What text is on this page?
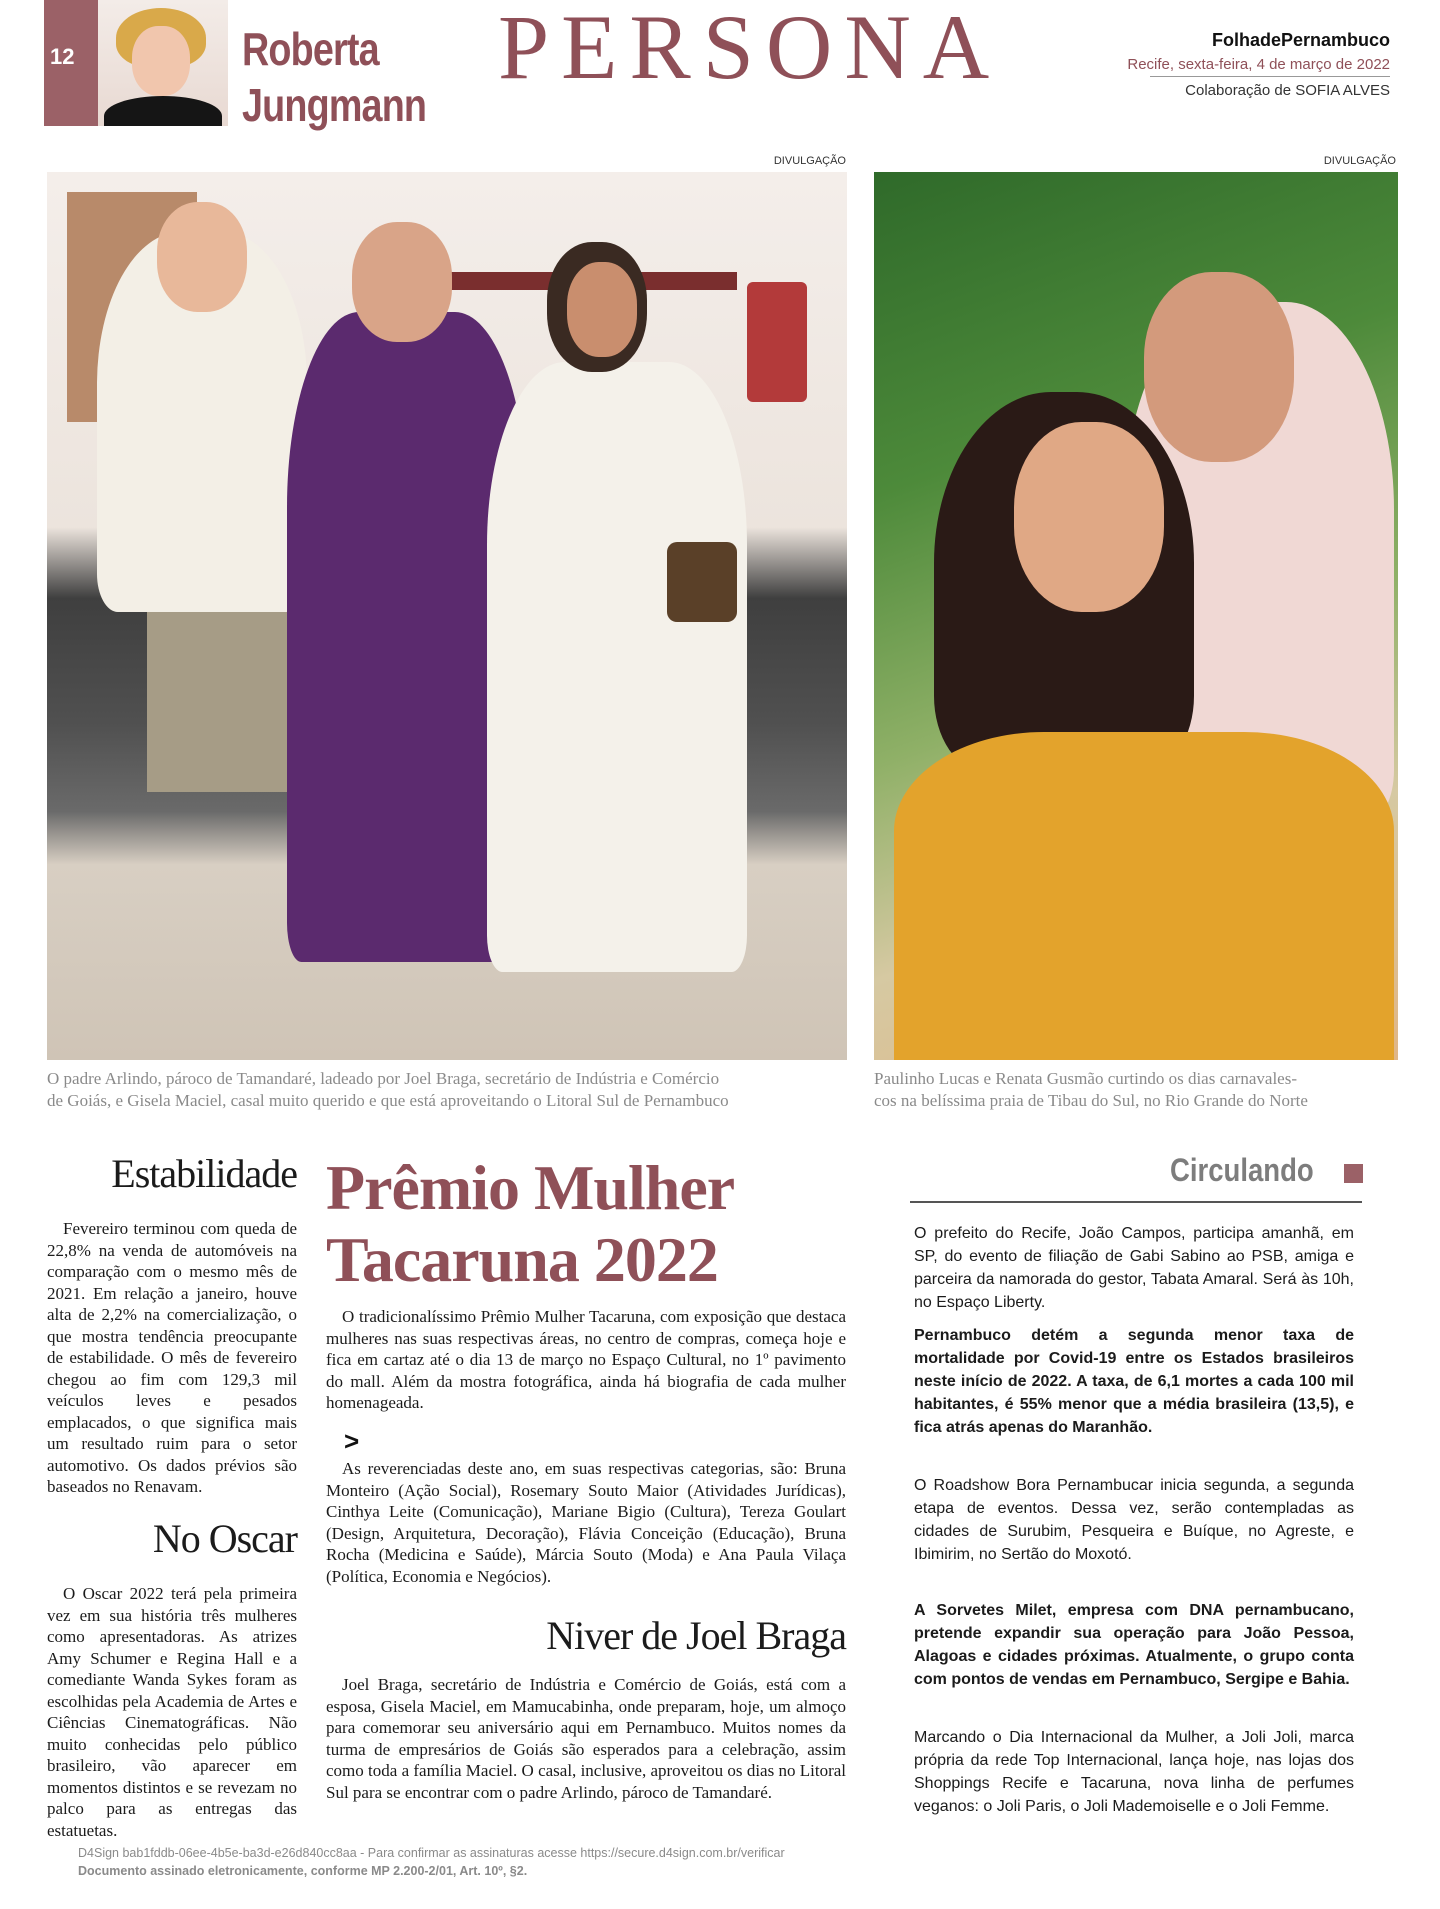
12	Roberta
Jungmann
PERSONA	FolhadePernambuco
Recife, sexta-feira, 4 de março de 2022
Colaboração de SOFIA ALVES
DIVULGAÇÃO	DIVULGAÇÃO
O padre Arlindo, pároco de Tamandaré, ladeado por Joel Braga, secretário de Indústria e Comércio
de Goiás, e Gisela Maciel, casal muito querido e que está aproveitando o Litoral Sul de Pernambuco
Paulinho Lucas e Renata Gusmão curtindo os dias carnavales-
cos na belíssima praia de Tibau do Sul, no Rio Grande do Norte
Estabilidade
Fevereiro terminou com queda de 22,8% na venda de automóveis na comparação com o mesmo mês de 2021. Em relação a janeiro, houve alta de 2,2% na comercialização, o que mostra tendência preocupante de estabilidade. O mês de fevereiro chegou ao fim com 129,3 mil veículos leves e pesados emplacados, o que significa mais um resultado ruim para o setor automotivo. Os dados prévios são baseados no Renavam.
No Oscar
O Oscar 2022 terá pela primeira vez em sua história três mulheres como apresentadoras. As atrizes Amy Schumer e Regina Hall e a comediante Wanda Sykes foram as escolhidas pela Academia de Artes e Ciências Cinematográficas. Não muito conhecidas pelo público brasileiro, vão aparecer em momentos distintos e se revezam no palco para as entregas das estatuetas.
Prêmio Mulher
Tacaruna 2022
O tradicionalíssimo Prêmio Mulher Tacaruna, com exposição que destaca mulheres nas suas respectivas áreas, no centro de compras, começa hoje e fica em cartaz até o dia 13 de março no Espaço Cultural, no 1º pavimento do mall. Além da mostra fotográfica, ainda há biografia de cada mulher homenageada.
>
As reverenciadas deste ano, em suas respectivas categorias, são: Bruna Monteiro (Ação Social), Rosemary Souto Maior (Atividades Jurídicas), Cinthya Leite (Comunicação), Mariane Bigio (Cultura), Tereza Goulart (Design, Arquitetura, Decoração), Flávia Conceição (Educação), Bruna Rocha (Medicina e Saúde), Márcia Souto (Moda) e Ana Paula Vilaça (Política, Economia e Negócios).
Niver de Joel Braga
Joel Braga, secretário de Indústria e Comércio de Goiás, está com a esposa, Gisela Maciel, em Mamucabinha, onde preparam, hoje, um almoço para comemorar seu aniversário aqui em Pernambuco. Muitos nomes da turma de empresários de Goiás são esperados para a celebração, assim como toda a família Maciel. O casal, inclusive, aproveitou os dias no Litoral Sul para se encontrar com o padre Arlindo, pároco de Tamandaré.
Circulando
O prefeito do Recife, João Campos, participa amanhã, em SP, do evento de filiação de Gabi Sabino ao PSB, amiga e parceira da namorada do gestor, Tabata Amaral. Será às 10h, no Espaço Liberty.
Pernambuco detém a segunda menor taxa de mortalidade por Covid-19 entre os Estados brasileiros neste início de 2022. A taxa, de 6,1 mortes a cada 100 mil habitantes, é 55% menor que a média brasileira (13,5), e fica atrás apenas do Maranhão.
O Roadshow Bora Pernambucar inicia segunda, a segunda etapa de eventos. Dessa vez, serão contempladas as cidades de Surubim, Pesqueira e Buíque, no Agreste, e Ibimirim, no Sertão do Moxotó.
A Sorvetes Milet, empresa com DNA pernambucano, pretende expandir sua operação para João Pessoa, Alagoas e cidades próximas. Atualmente, o grupo conta com pontos de vendas em Pernambuco, Sergipe e Bahia.
Marcando o Dia Internacional da Mulher, a Joli Joli, marca própria da rede Top Internacional, lança hoje, nas lojas dos Shoppings Recife e Tacaruna, nova linha de perfumes veganos: o Joli Paris, o Joli Mademoiselle e o Joli Femme.
D4Sign bab1fddb-06ee-4b5e-ba3d-e26d840cc8aa - Para confirmar as assinaturas acesse https://secure.d4sign.com.br/verificar
Documento assinado eletronicamente, conforme MP 2.200-2/01, Art. 10º, §2.
